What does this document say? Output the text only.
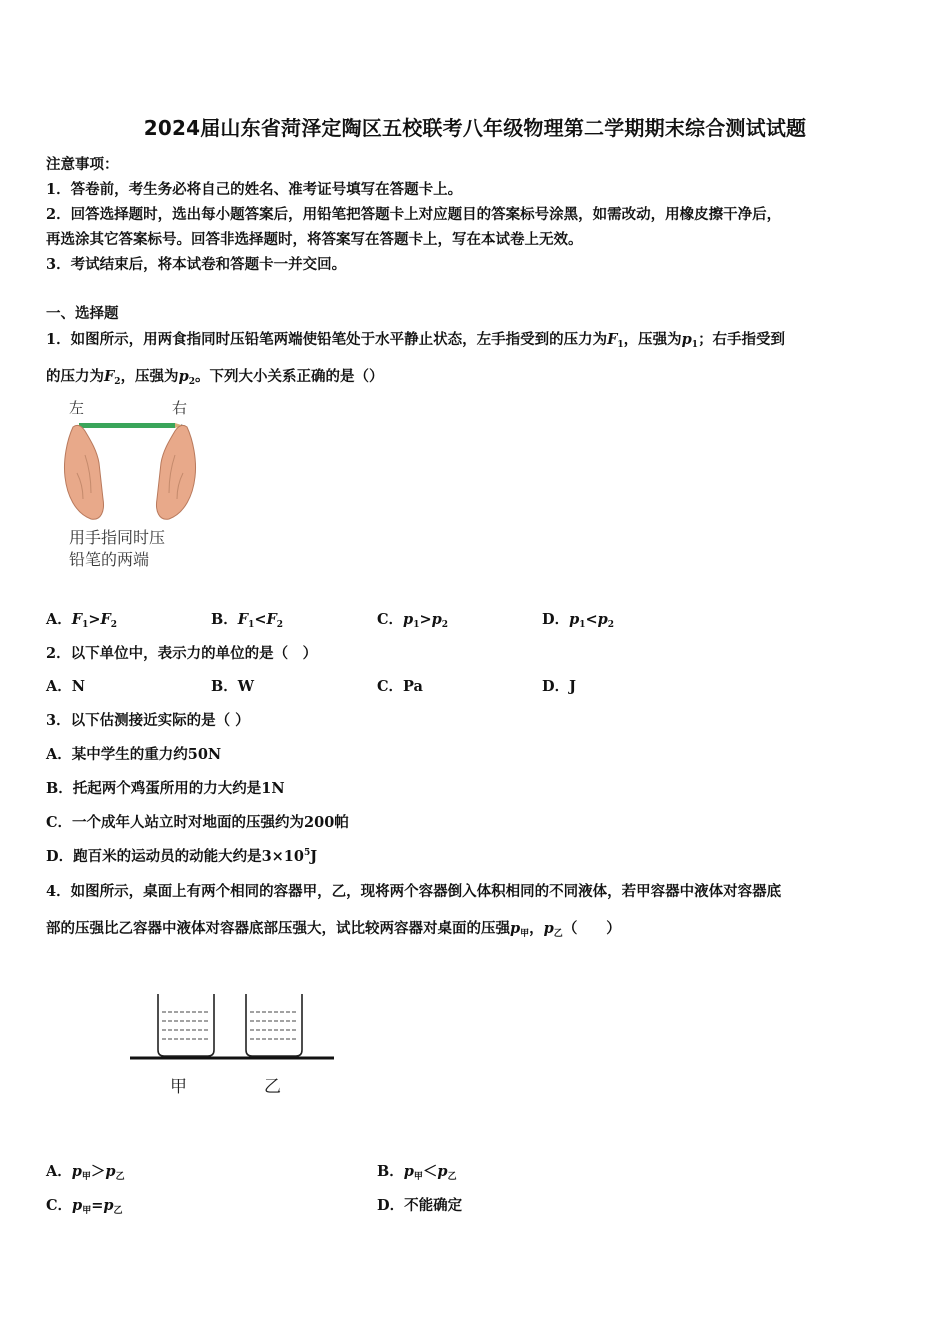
2024届山东省菏泽定陶区五校联考八年级物理第二学期期末综合测试试题
注意事项：
1．答卷前，考生务必将自己的姓名、准考证号填写在答题卡上。
2．回答选择题时，选出每小题答案后，用铅笔把答题卡上对应题目的答案标号涂黑，如需改动，用橡皮擦干净后，
再选涂其它答案标号。回答非选择题时，将答案写在答题卡上，写在本试卷上无效。
3．考试结束后，将本试卷和答题卡一并交回。
一、选择题
1．如图所示，用两食指同时压铅笔两端使铅笔处于水平静止状态，左手指受到的压力为$F_1$，压强为$p_1$；右手指受到
的压力为$F_2$，压强为$p_2$。下列大小关系正确的是（）
左	右
用手指同时压
铅笔的两端
A．$F_1>F_2$	B．$F_1<F_2$	C．$p_1>p_2$	D．$p_1<p_2$
2．以下单位中，表示力的单位的是（　）
A．N	B．W	C．Pa	D．J
3．以下估测接近实际的是（ ）
A．某中学生的重力约50N
B．托起两个鸡蛋所用的力大约是1N
C．一个成年人站立时对地面的压强约为200帕
D．跑百米的运动员的动能大约是$3\times 10^5J$
4．如图所示，桌面上有两个相同的容器甲，乙，现将两个容器倒入体积相同的不同液体，若甲容器中液体对容器底
部的压强比乙容器中液体对容器底部压强大，试比较两容器对桌面的压强$p_甲$，$p_乙$（　　）
甲	乙
A．$p_甲>p_乙$	B．$p_甲<p_乙$
C．$p_甲=p_乙$	D．不能确定
